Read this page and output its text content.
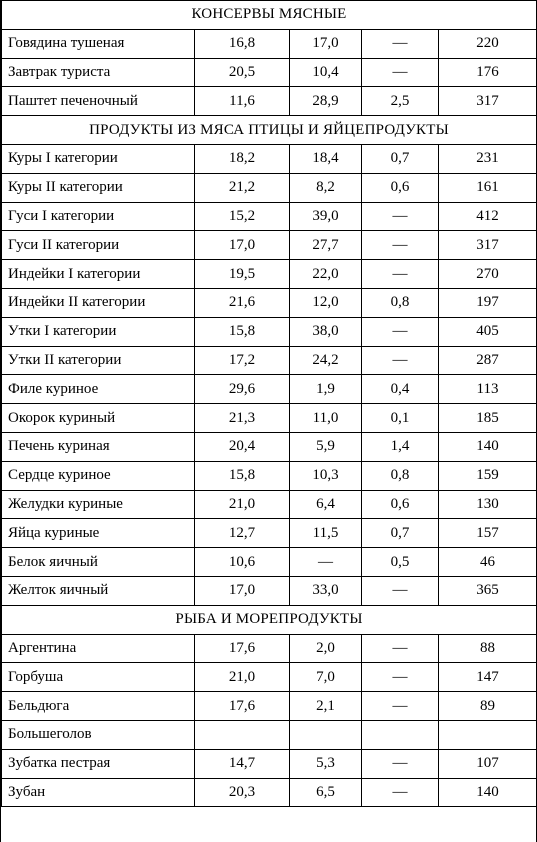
КОНСЕРВЫ МЯСНЫЕ				
Говядина тушеная	16,8	17,0	—	220
Завтрак туриста	20,5	10,4	—	176
Паштет печеночный	11,6	28,9	2,5	317
ПРОДУКТЫ ИЗ МЯСА ПТИЦЫ И ЯЙЦЕПРОДУКТЫ				
Куры I категории	18,2	18,4	0,7	231
Куры II категории	21,2	8,2	0,6	161
Гуси I категории	15,2	39,0	—	412
Гуси II категории	17,0	27,7	—	317
Индейки I категории	19,5	22,0	—	270
Индейки II категории	21,6	12,0	0,8	197
Утки I категории	15,8	38,0	—	405
Утки II категории	17,2	24,2	—	287
Филе куриное	29,6	1,9	0,4	113
Окорок куриный	21,3	11,0	0,1	185
Печень куриная	20,4	5,9	1,4	140
Сердце куриное	15,8	10,3	0,8	159
Желудки куриные	21,0	6,4	0,6	130
Яйца куриные	12,7	11,5	0,7	157
Белок яичный	10,6	—	0,5	46
Желток яичный	17,0	33,0	—	365
РЫБА И МОРЕПРОДУКТЫ				
Аргентина	17,6	2,0	—	88
Горбуша	21,0	7,0	—	147
Бельдюга	17,6	2,1	—	89
Большеголов				
Зубатка пестрая	14,7	5,3	—	107
Зубан	20,3	6,5	—	140
